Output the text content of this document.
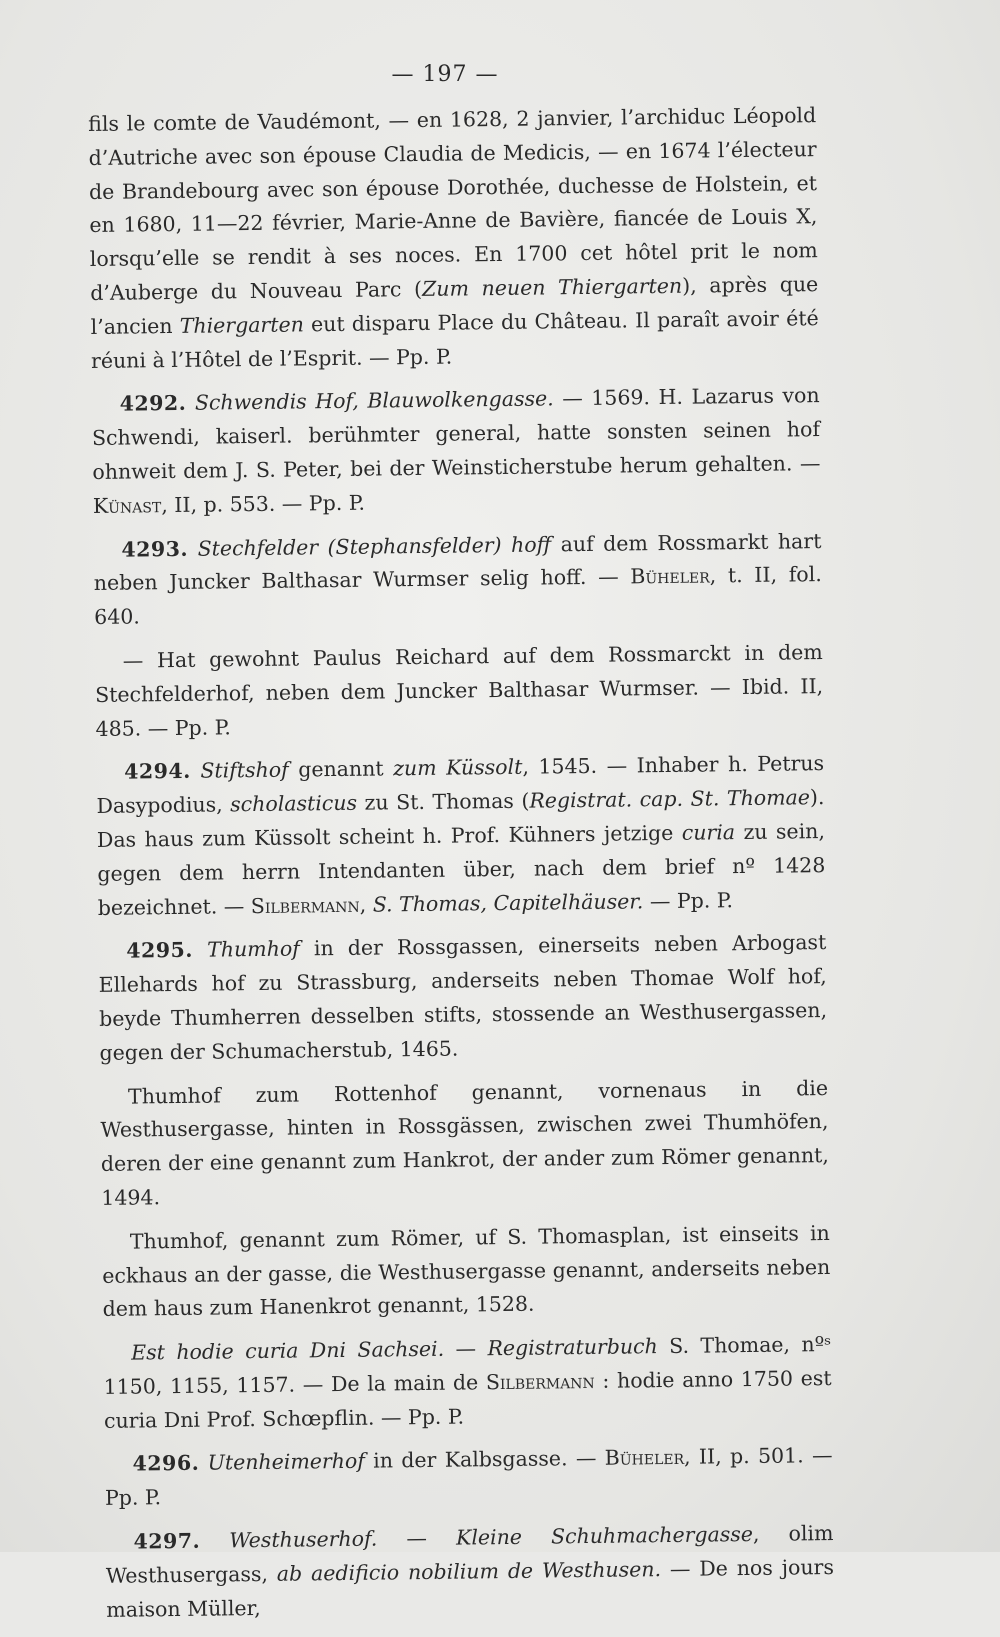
— 197 —

fils le comte de Vaudémont, — en 1628, 2 janvier, l’archiduc Léopold d’Autriche avec son épouse Claudia de Medicis, — en 1674 l’électeur de Brandebourg avec son épouse Dorothée, duchesse de Holstein, et en 1680, 11—22 février, Marie-Anne de Bavière, fiancée de Louis X, lorsqu’elle se rendit à ses noces. En 1700 cet hôtel prit le nom d’Auberge du Nouveau Parc (Zum neuen Thiergarten), après que l’ancien Thiergarten eut disparu Place du Château. Il paraît avoir été réuni à l’Hôtel de l’Esprit. — Pp. P.

4292. Schwendis Hof, Blauwolkengasse. — 1569. H. Lazarus von Schwendi, kaiserl. berühmter general, hatte sonsten seinen hof ohnweit dem J. S. Peter, bei der Weinsticherstube herum gehalten. — Künast, II, p. 553. — Pp. P.

4293. Stechfelder (Stephansfelder) hoff auf dem Rossmarkt hart neben Juncker Balthasar Wurmser selig hoff. — Büheler, t. II, fol. 640.

— Hat gewohnt Paulus Reichard auf dem Rossmarckt in dem Stechfelderhof, neben dem Juncker Balthasar Wurmser. — Ibid. II, 485. — Pp. P.

4294. Stiftshof genannt zum Küssolt, 1545. — Inhaber h. Petrus Dasypodius, scholasticus zu St. Thomas (Registrat. cap. St. Thomae). Das haus zum Küssolt scheint h. Prof. Kühners jetzige curia zu sein, gegen dem herrn Intendanten über, nach dem brief nº 1428 bezeichnet. — Silbermann, S. Thomas, Capitelhäuser. — Pp. P.

4295. Thumhof in der Rossgassen, einerseits neben Arbogast Ellehards hof zu Strassburg, anderseits neben Thomae Wolf hof, beyde Thumherren desselben stifts, stossende an Westhusergassen, gegen der Schumacherstub, 1465.

Thumhof zum Rottenhof genannt, vornenaus in die Westhusergasse, hinten in Rossgässen, zwischen zwei Thumhöfen, deren der eine genannt zum Hankrot, der ander zum Römer genannt, 1494.

Thumhof, genannt zum Römer, uf S. Thomasplan, ist einseits in eckhaus an der gasse, die Westhusergasse genannt, anderseits neben dem haus zum Hanenkrot genannt, 1528.

Est hodie curia Dni Sachsei. — Registraturbuch S. Thomae, nºˢ 1150, 1155, 1157. — De la main de Silbermann : hodie anno 1750 est curia Dni Prof. Schœpflin. — Pp. P.

4296. Utenheimerhof in der Kalbsgasse. — Büheler, II, p. 501. — Pp. P.

4297. Westhuserhof. — Kleine Schuhmachergasse, olim Westhusergass, ab aedificio nobilium de Westhusen. — De nos jours maison Müller,
